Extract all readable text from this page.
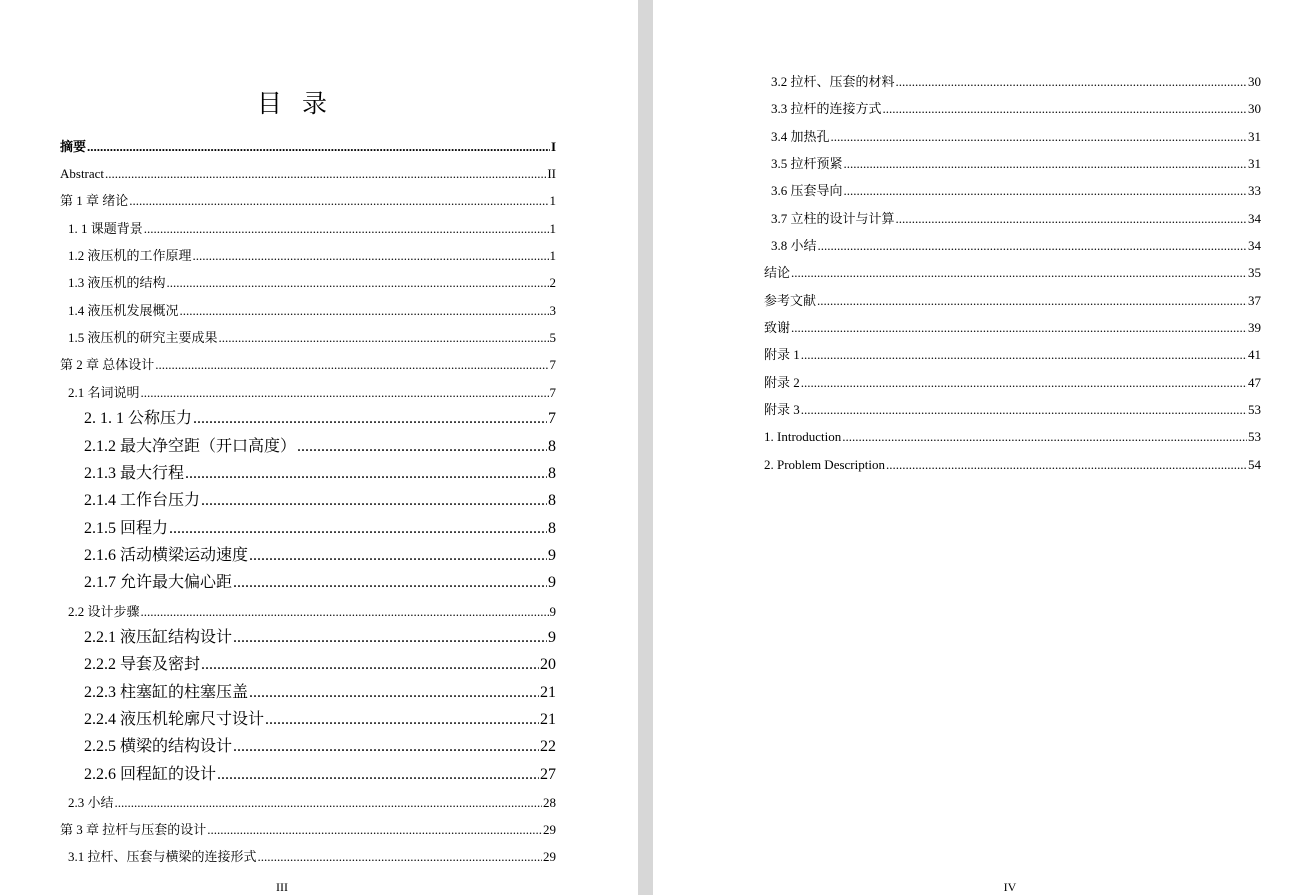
目 录
摘要 .....	I
Abstract .....	II
第 1 章 绪论 .....	1
1. 1 课题背景 .....	1
1.2 液压机的工作原理 .....	1
1.3 液压机的结构 .....	2
1.4 液压机发展概况 .....	3
1.5 液压机的研究主要成果 .....	5
第 2 章 总体设计 .....	7
2.1 名词说明 .....	7
2. 1. 1 公称压力 .....	7
2.1.2 最大净空距（开口高度） .....	8
2.1.3 最大行程 .....	8
2.1.4 工作台压力 .....	8
2.1.5 回程力 .....	8
2.1.6 活动横梁运动速度 .....	9
2.1.7 允许最大偏心距 .....	9
2.2 设计步骤 .....	9
2.2.1 液压缸结构设计 .....	9
2.2.2 导套及密封 .....	20
2.2.3 柱塞缸的柱塞压盖 .....	21
2.2.4 液压机轮廓尺寸设计 .....	21
2.2.5 横梁的结构设计 .....	22
2.2.6 回程缸的设计 .....	27
2.3 小结 .....	28
第 3 章 拉杆与压套的设计 .....	29
3.1 拉杆、压套与横梁的连接形式 .....	29
III
3.2 拉杆、压套的材料 .....	30
3.3 拉杆的连接方式 .....	30
3.4 加热孔 .....	31
3.5 拉杆预紧 .....	31
3.6 压套导向 .....	33
3.7 立柱的设计与计算 .....	34
3.8 小结 .....	34
结论 .....	35
参考文献 .....	37
致谢 .....	39
附录 1 .....	41
附录 2 .....	47
附录 3 .....	53
1. Introduction .....	53
2. Problem Description .....	54
IV
